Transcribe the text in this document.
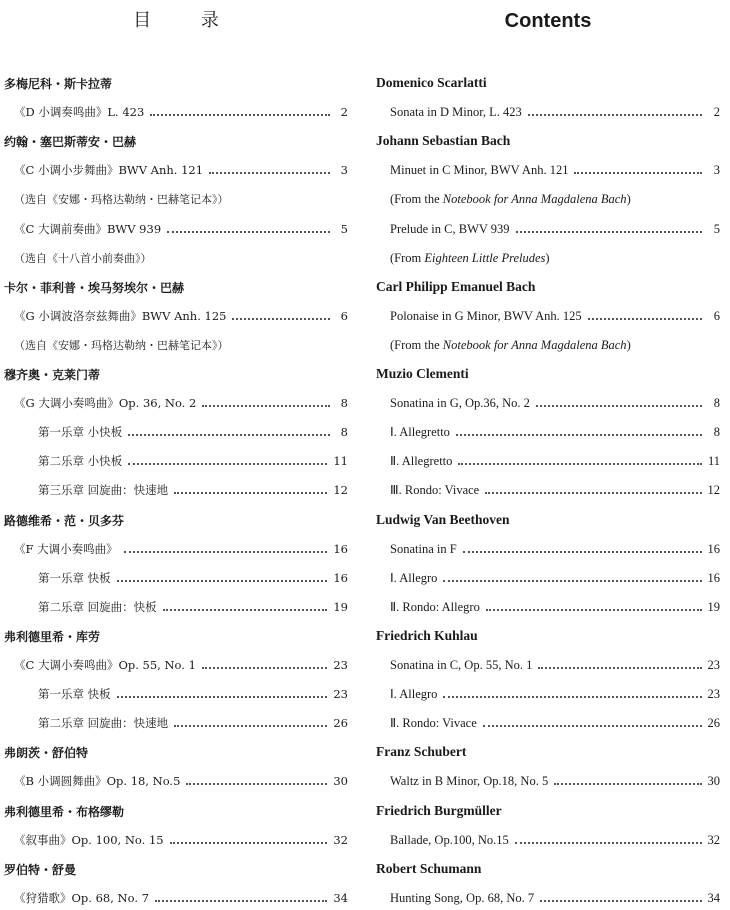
目 录
多梅尼科・斯卡拉蒂
《D 小调奏鸣曲》L. 423	2
约翰・塞巴斯蒂安・巴赫
《C 小调小步舞曲》BWV Anh. 121	3
（选自《安娜・玛格达勒纳・巴赫笔记本》）
《C 大调前奏曲》BWV 939	5
（选自《十八首小前奏曲》）
卡尔・菲利普・埃马努埃尔・巴赫
《G 小调波洛奈兹舞曲》BWV Anh. 125	6
（选自《安娜・玛格达勒纳・巴赫笔记本》）
穆齐奥・克莱门蒂
《G 大调小奏鸣曲》Op. 36, No. 2	8
第一乐章 小快板	8
第二乐章 小快板	11
第三乐章 回旋曲：快速地	12
路德维希・范・贝多芬
《F 大调小奏鸣曲》	16
第一乐章 快板	16
第二乐章 回旋曲：快板	19
弗利德里希・库劳
《C 大调小奏鸣曲》Op. 55, No. 1	23
第一乐章 快板	23
第二乐章 回旋曲：快速地	26
弗朗茨・舒伯特
《B 小调圆舞曲》Op. 18, No.5	30
弗利德里希・布格缪勒
《叙事曲》Op. 100, No. 15	32
罗伯特・舒曼
《狩猎歌》Op. 68, No. 7	34
Contents
Domenico Scarlatti
Sonata in D Minor, L. 423	2
Johann Sebastian Bach
Minuet in C Minor, BWV Anh. 121	3
(From the Notebook for Anna Magdalena Bach)
Prelude in C, BWV 939	5
(From Eighteen Little Preludes)
Carl Philipp Emanuel Bach
Polonaise in G Minor, BWV Anh. 125	6
(From the Notebook for Anna Magdalena Bach)
Muzio Clementi
Sonatina in G, Op.36, No. 2	8
Ⅰ. Allegretto	8
Ⅱ. Allegretto	11
Ⅲ. Rondo: Vivace	12
Ludwig Van Beethoven
Sonatina in F	16
Ⅰ. Allegro	16
Ⅱ. Rondo: Allegro	19
Friedrich Kuhlau
Sonatina in C, Op. 55, No. 1	23
Ⅰ. Allegro	23
Ⅱ. Rondo: Vivace	26
Franz Schubert
Waltz in B Minor, Op.18, No. 5	30
Friedrich Burgmüller
Ballade, Op.100, No.15	32
Robert Schumann
Hunting Song, Op. 68, No. 7	34
